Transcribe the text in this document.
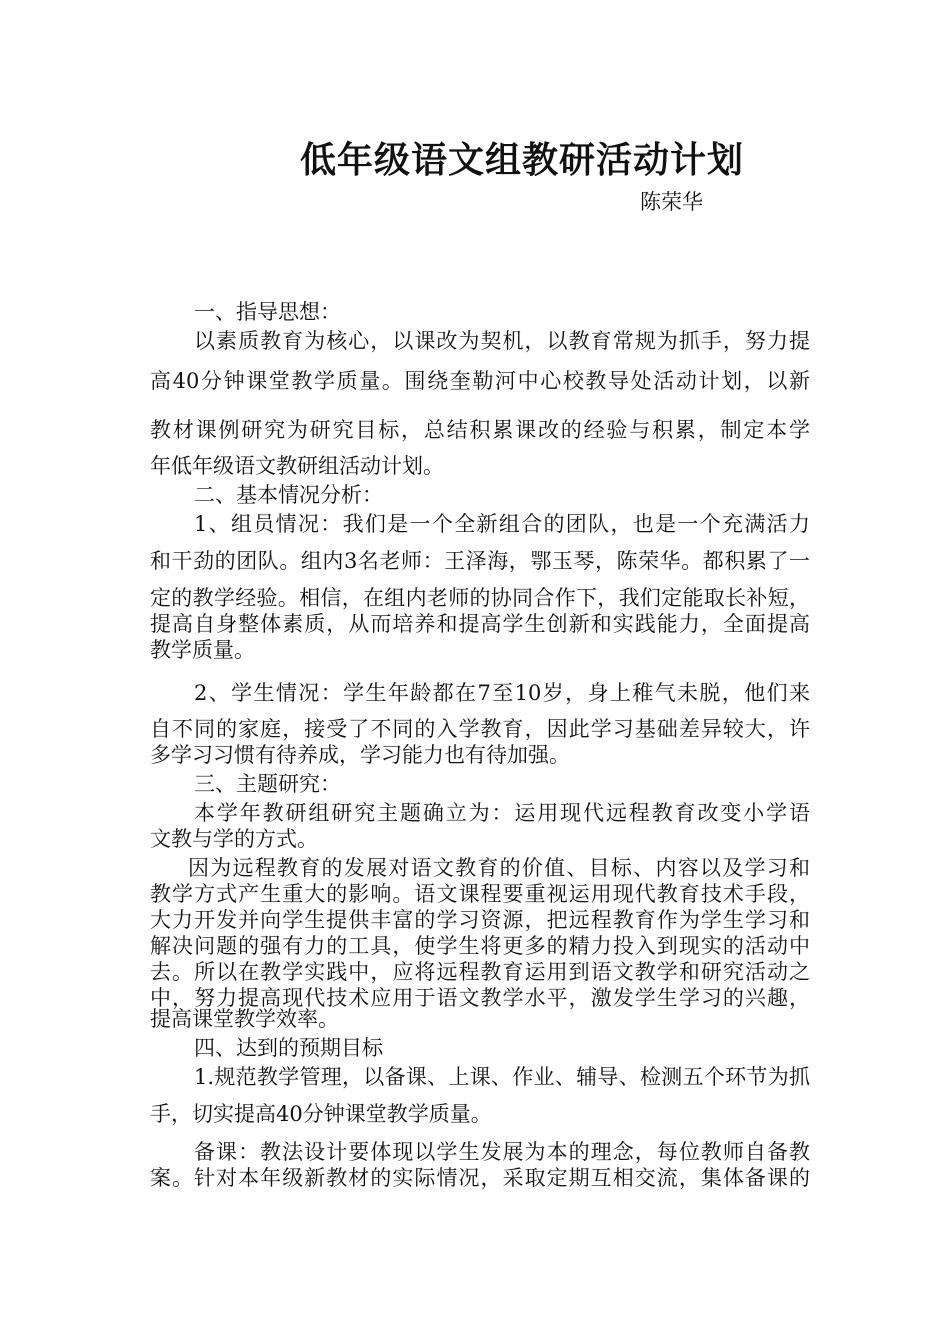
低年级语文组教研活动计划
陈荣华
一、指导思想：
以素质教育为核心，以课改为契机，以教育常规为抓手，努力提
高40分钟课堂教学质量。围绕奎勒河中心校教导处活动计划，以新
教材课例研究为研究目标，总结积累课改的经验与积累，制定本学
年低年级语文教研组活动计划。
二、基本情况分析：
1、组员情况：我们是一个全新组合的团队，也是一个充满活力
和干劲的团队。组内3名老师：王泽海，鄂玉琴，陈荣华。都积累了一
定的教学经验。相信，在组内老师的协同合作下，我们定能取长补短，
提高自身整体素质，从而培养和提高学生创新和实践能力，全面提高
教学质量。
2、学生情况：学生年龄都在7至10岁，身上稚气未脱，他们来
自不同的家庭，接受了不同的入学教育，因此学习基础差异较大，许
多学习习惯有待养成，学习能力也有待加强。
三、主题研究：
本学年教研组研究主题确立为：运用现代远程教育改变小学语
文教与学的方式。
因为远程教育的发展对语文教育的价值、目标、内容以及学习和
教学方式产生重大的影响。语文课程要重视运用现代教育技术手段，
大力开发并向学生提供丰富的学习资源，把远程教育作为学生学习和
解决问题的强有力的工具，使学生将更多的精力投入到现实的活动中
去。所以在教学实践中，应将远程教育运用到语文教学和研究活动之
中，努力提高现代技术应用于语文教学水平，激发学生学习的兴趣，
提高课堂教学效率。
四、达到的预期目标
1.规范教学管理，以备课、上课、作业、辅导、检测五个环节为抓
手，切实提高40分钟课堂教学质量。
备课：教法设计要体现以学生发展为本的理念，每位教师自备教
案。针对本年级新教材的实际情况，采取定期互相交流，集体备课的
